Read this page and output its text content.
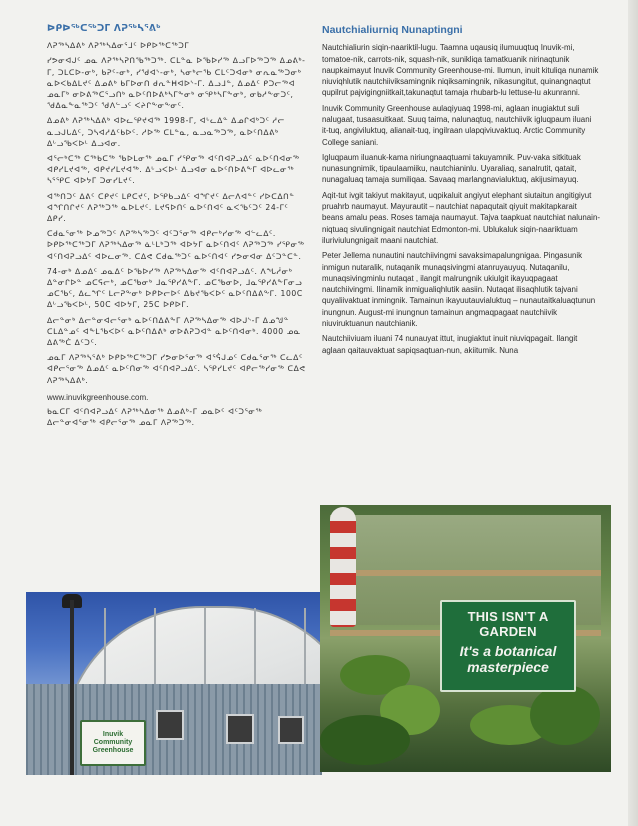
ᐅᑭᐅᖅᑕᖅᑐᒥ ᐱᕈᖅᓴᕐᕕᒃ

ᐱᕈᖅᓴᐃᕕᒃ ᐱᕈᖅᓴᐃᓂᕐᒧᑦ ᐅᑭᐅᖅᑕᖅᑐᒥ

ᓯᕗᓂᐊᒍᑦ ᓄᓇ ᐱᕈᖅᓴᕈᑎᖃᖅᑐᖅ. ᑕᒪᓐᓇ ᐅᖃᐅᓯᖅ ᐃᓗᒥᐅᖅᑐᖅ ᐃᓄᕕᒃ-ᒥ, ᑐᒪᑕᐅ-ᓂᒃ, ᑲᕈᑦ-ᓂᒃ, ᓯᖁᐊᔅ-ᓂᒃ, ᓴᓂᒃᓕᖃ ᑕᒪᑦᑐᐊᓂᒃ ᓂᕆᓇᖅᑐᓂᒃ ᓇᐅᐸᑲᐃᒪᔪᑦ ᐃᓄᕕᒃ ᑲᒥᐅᓂᑎ ᑯᕆᓐᕼᐊᐅᔅ-ᒥ. ᐃᓗᒧᓐ, ᐃᓄᐃᑦ ᑭᑐᓕᖅᐊ ᓄᓇᒥᒃ ᓂᐅᕕᖅᑕᕐᓗᑎᒃ ᓇᐅᑦᑎᐅᕕᒃᓴᒥᖕᓂᒃ ᓂᕿᒃᓴᒥᖕᓂᒃ, ᓂᑲᓱᖕᓂᑐᑦ, ᖁᐃᓇᖕᓇᖅᑐᑦ ᖁᐱᓪᓗᑦ ᐸᔨᒋᖕᓂᖕᓂᑦ.

ᐃᓄᕕᒃ ᐱᕈᖅᓴᐃᕕᒃ ᐊᐅᓚᕿᔪᐊᖅ 1998-ᒥ, ᐊᒡᓚᐃᓐ ᐃᓄᒋᐊᒃᑐᑦ ᓱᓕ ᓇᓗᒍᒐᐃᑦ, ᑐᓴᐊᓱᐃᑦᑲᐅᑦ. ᓱᐅᖅ ᑕᒪᓐᓇ, ᓇᓗᓇᖅᑐᖅ, ᓇᐅᑦᑎᐃᕕᒃ ᐃᒡᓗᖃᐸᐅᒻ ᐃᓗᐊᓂ.

ᐊᕐᓕᒃᑕᖅ ᑕᖅᑲᑕᖅ ᖃᐅᒪᓂᖅ ᓄᓇᒥ ᓯᕿᓂᖅ ᐊᑦᑎᐊᕈᓗᐃᑦ ᓇᐅᑦᑎᐊᓂᖅ ᐊᑭᓯᒪᔪᐊᖅ, ᐊᑭᔪᓯᒪᔪᐊᖅ. ᐃᒡᓗᐸᐅᒻ ᐃᓗᐊᓂ ᓇᐅᑦᑎᐅᕕᖕᒥ ᐊᐅᓚᓂᖅ ᓴᕐᕿᑕ ᐊᐅᔭᒥ ᑐᓂᓯᒪᔪᑦ.

ᐊᖅᑎᑐᑦ ᐃᕕᑦ ᑕᑭᔪᑦ ᒪᑭᑕᔪᑦ, ᐅᕿᑲᓗᐃᑦ ᐊᖏᔪᑦ ᐃᓕᐱᐊᓐᑦ ᓯᐅᑕᐃᑎᓐ ᐊᖏᑎᒋᔪᑦ ᐱᕈᖅᑐᖅ ᓇᐅᒪᔪᑦ. ᒪᔪᕋᐅᑎᑦ ᓇᐅᑦᑎᐊᑦ ᓇᐸᖃᑦᑐᑦ 24-ᒥᑦ ᐃᑭᓯ.

ᑕᑯᓇᕐᓂᖅ ᐅᓄᖅᑐᑦ ᐱᕈᖅᓴᖅᑐᑦ ᐊᑦᑐᕐᓂᖅ ᐊᑭᓕᒃᓯᓂᖅ ᐊᓪᓚᐃᑦ. ᐅᑭᐅᖅᑕᖅᑐᒥ ᐱᕈᖅᓴᐃᓂᖅ ᓈᒻᒪᒃᑐᖅ ᐊᐅᔭᒥ ᓇᐅᑦᑎᐊᑦ ᐱᕈᖅᑐᖅ ᓯᕿᓂᖅ ᐊᑦᑎᐊᕈᓗᐃᑦ ᐊᐅᓚᓂᖅ. ᑕᐃᕙ ᑕᑯᓇᖅᑐᑦ ᓇᐅᑦᑎᐊᑦ ᓯᕗᓂᐊᓂ ᐃᑦᑐᓐᑕᓐ.

74-ᓂᒃ ᐃᓄᐃᑦ ᓄᓇᐃᑦ ᐅᖃᐅᓯᖅ ᐱᕈᖅᓴᐃᓂᖅ ᐊᑦᑎᐊᕈᓗᐃᑦ. ᐱᖓᓲᓂᒃ ᐃᓐᓂᒋᐅᓐ ᓄᑕᕋᓕᒃ, ᓄᑕᖃᓂᒃ ᒧᓇᕿᓯᕕᖕᒥ. ᓄᑕᖃᓂᐅ, ᒧᓇᕿᓯᕕᖕᒥᓂᓗ ᓄᑕᖃᑦ, ᐃᓚᖏᑦ ᒪᓕᕈᖕᓂᒃ ᐅᑭᐅᓕᐅᑦ ᐃᑲᔪᖃᐸᐅᑦ ᓇᐅᑦᑎᐃᕕᖕᒥ. 100C ᐃᒡᓗᖃᐸᐅᒻ, 50C ᐊᐅᔭᒥ, 25C ᐅᑭᐅᒥ.

ᐃᓕᓐᓂᒃ ᐃᓕᓐᓂᐊᓕᕐᓂᒃ ᓇᐅᑦᑎᐃᕕᖕᒥ ᐱᕈᖅᓴᐃᓂᖅ ᐊᐅᒍᔅ-ᒥ ᐃᓄᖑᓐ ᑕᒪᐃᓐᓄᑦ ᐊᖕᒪᖃᐸᐅᑦ ᓇᐅᑦᑎᐃᕕᒃ ᓂᐅᕕᕈᑐᐊᓐ ᓇᐅᑦᑎᐊᓂᒃ. 4000 ᓄᓇ ᐃᕕᖅᑖ ᐃᑦᑐᑦ.

ᓄᓇᒥ ᐱᕈᖅᓴᕐᕕᒃ ᐅᑭᐅᖅᑕᖅᑐᒥ ᓯᕗᓂᐅᕐᓂᖅ ᐊᕐᕌᒍᓄᑦ ᑕᑯᓇᕐᓂᖅ ᑕᓚᐃᑦ ᐊᑭᓕᕐᓂᖅ ᐃᓄᐃᑦ ᓇᐅᑦᑎᓂᖅ ᐊᑦᑎᐊᕈᓗᐃᑦ. ᓴᕿᓯᒪᔪᑦ ᐊᑭᓕᖅᓯᓂᖅ ᑕᐃᕙ ᐱᕈᖅᓴᐃᕕᒃ.

www.inuvikgreenhouse.com.

ᑲᓇᑕᒥ ᐊᑦᑎᐊᕈᓗᐃᑦ ᐱᕈᖅᓴᐃᓂᖅ ᐃᓄᕕᒃ-ᒥ ᓄᓇᐅᑦ ᐊᑦᑐᕐᓂᖅ ᐃᓕᓐᓂᐊᕐᓂᖅ ᐊᑭᓕᕐᓂᖅ ᓄᓇᒥ ᐱᕈᖅᑐᖅ.

Nautchialiurniq Nunaptingni

Nautchialiurin siqin-naariktil-lugu. Taamna uqausiq ilumuuqtuq Inuvik-mi, tomatoe-nik, carrots-nik, squash-nik, sunikliqa tamatkuanik nirinaqtunik naupkaimayut Inuvik Community Greenhouse-mi. Ilumun, inuit kituliqa nunamik niuviqhlutik nautchiiviksamingnik niqiksamingnik, nikasungitut, quinangnaqtut qupilrut pajvigingniitkait,takunaqtut tamaja rhubarb-lu lettuse-lu akunranni.

Inuvik Community Greenhouse aulaqiyuaq 1998-mi, aglaan inugiaktut suli nalugaat, tusaasuitkaat. Suuq taima, nalunaqtuq, nautchiivik igluqpaum iluani it-tuq, angiviluktuq, alianait-tuq, ingilraan ulapqiviuvaktuq. Arctic Community College saniani.

Igluqpaum iluanuk-kama niriungnaaqtuami takuyamnik. Puv-vaka sitkituak nunasungnimik, tipaulaamiiku, nautchianinlu. Uyaraliaq, sanalrutit, qatait, nunagaluaq tamaja sumiliqaa. Savaaq marlangnavialuktuq, akijusimayuq.

Aqit-tut ivgit takiyut makitayut, uqpikaluit angiyut elephant siutaitun angitigiyut pruahrb naumayut. Mayurautit – nautchiat napaqutait qiyuit makitapkarait beans amalu peas. Roses tamaja naumayut. Tajva taapkuat nautchiat nalunain-niqtuaq sivulingnigait nautchiat Edmonton-mi. Ublukaluk siqin-naariktuam iluriviulungnigait maani nautchiat.

Peter Jellema nunautini nautchiivingmi savaksimapalungnigaa. Pingasunik inmigun nutaralik, nutaqanik munaqsivingmi atanruyauyuq. Nutaqanilu, munaqsivingminlu nutaqat , ilangit malrungnik ukiulgit ikayuqpagaat nautchiivingmi. Ilinamik inmigualiqhlutik aasiin. Nutaqat ilisaqhlutik tajvani quyaliivaktuat inmingnik. Tamainun ikayuutauvialuktuq – nunautaitkaluaqtunun inungnun. August-mi inungnun tamainun angmaqpagaat nautchiivik niuviruktuanun nautchianik.

Nautchiiviuam iluani 74 nunauyat ittut, inugiaktut inuit niuviqpagait. Ilangit aglaan qaitauvaktuat sapiqsaqtuan-nun, akiitumik. Nuna

Inuvik
Community
Greenhouse
THIS ISN'T A GARDEN
It's a botanical
masterpiece
